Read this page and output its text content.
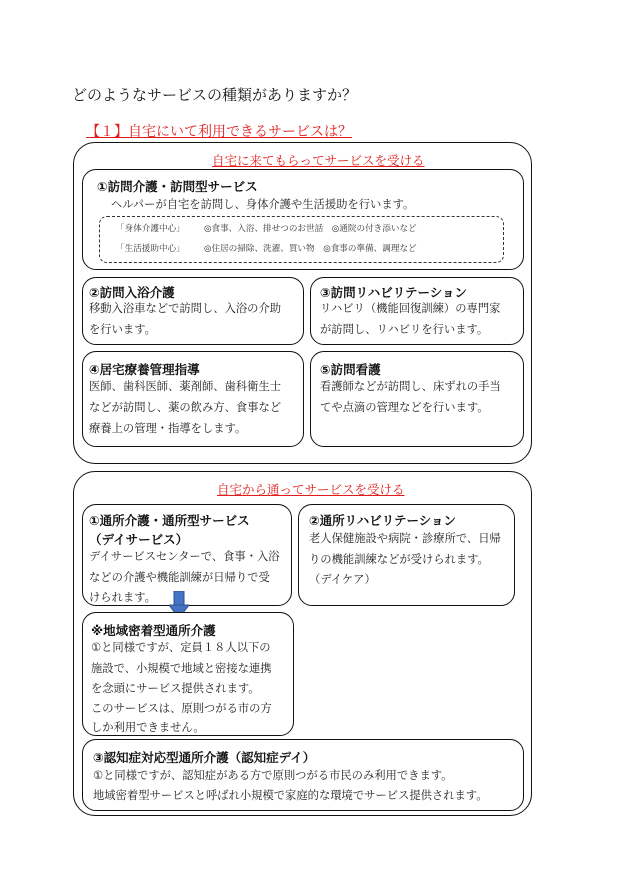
どのようなサービスの種類がありますか？
【１】自宅にいて利用できるサービスは？
自宅に来てもらってサービスを受ける
①訪問介護・訪問型サービス
ヘルパーが自宅を訪問し、身体介護や生活援助を行います。
「身体介護中心」 ◎食事、入浴、排せつのお世話　◎通院の付き添いなど
「生活援助中心」 ◎住居の掃除、洗濯、買い物　◎食事の準備、調理など
②訪問入浴介護
移動入浴車などで訪問し、入浴の介助
を行います。
③訪問リハビリテーション
リハビリ（機能回復訓練）の専門家
が訪問し、リハビリを行います。
④居宅療養管理指導
医師、歯科医師、薬剤師、歯科衛生士
などが訪問し、薬の飲み方、食事など
療養上の管理・指導をします。
⑤訪問看護
看護師などが訪問し、床ずれの手当
てや点滴の管理などを行います。
自宅から通ってサービスを受ける
①通所介護・通所型サービス
（デイサービス）
デイサービスセンターで、食事・入浴
などの介護や機能訓練が日帰りで受
けられます。
②通所リハビリテーション
老人保健施設や病院・診療所で、日帰
りの機能訓練などが受けられます。
（デイケア）
※地域密着型通所介護
①と同様ですが、定員１８人以下の
施設で、小規模で地域と密接な連携
を念頭にサービス提供されます。
このサービスは、原則つがる市の方
しか利用できません。
③認知症対応型通所介護（認知症デイ）
①と同様ですが、認知症がある方で原則つがる市民のみ利用できます。
地域密着型サービスと呼ばれ小規模で家庭的な環境でサービス提供されます。
